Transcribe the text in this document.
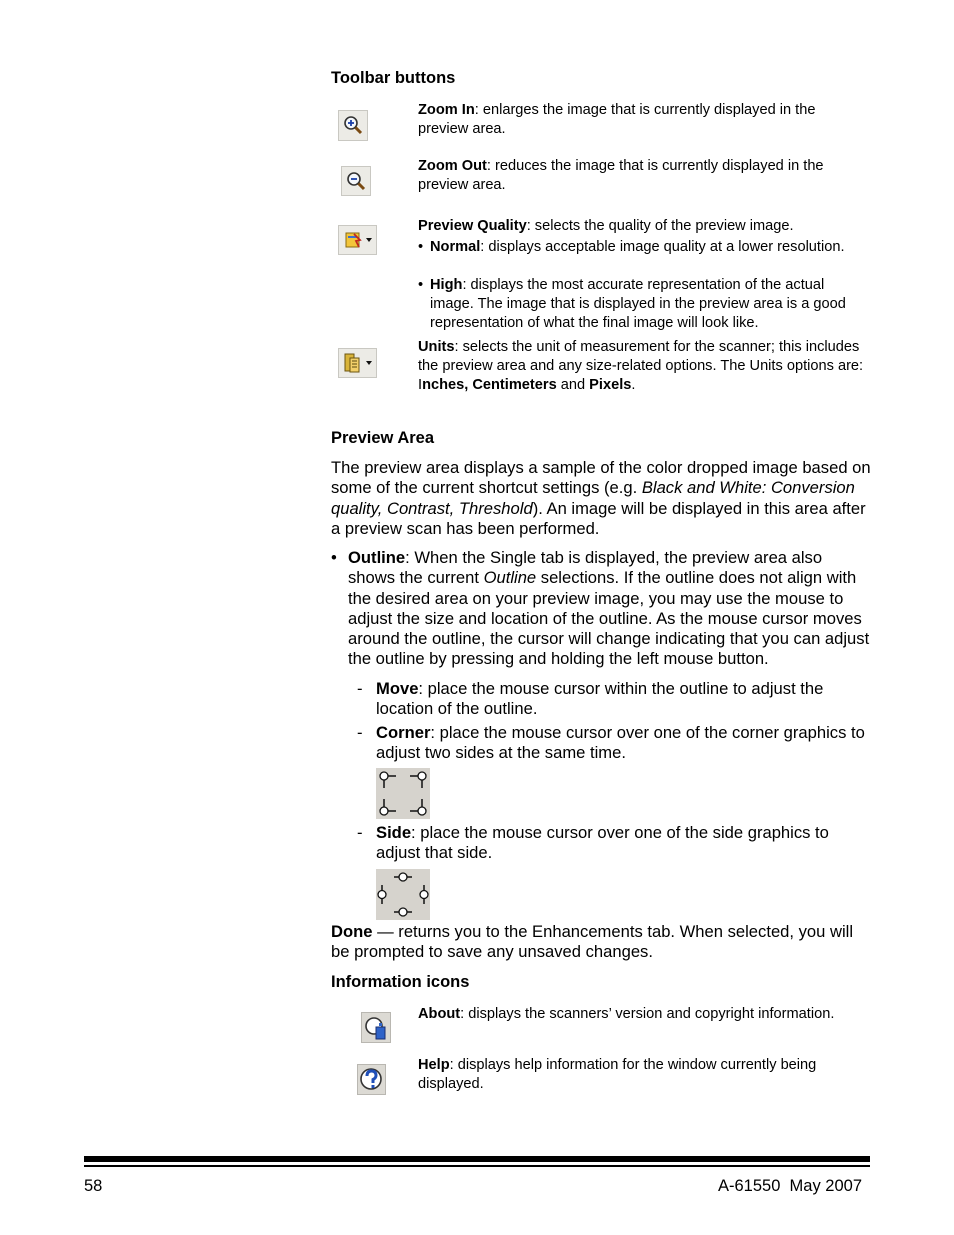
Toolbar buttons
Zoom In: enlarges the image that is currently displayed in the preview area.
Zoom Out: reduces the image that is currently displayed in the preview area.
Preview Quality: selects the quality of the preview image.
• Normal: displays acceptable image quality at a lower resolution.
• High: displays the most accurate representation of the actual image. The image that is displayed in the preview area is a good representation of what the final image will look like.
Units: selects the unit of measurement for the scanner; this includes the preview area and any size-related options. The Units options are: Inches, Centimeters and Pixels.
Preview Area
The preview area displays a sample of the color dropped image based on some of the current shortcut settings (e.g. Black and White: Conversion quality, Contrast, Threshold). An image will be displayed in this area after a preview scan has been performed.
• Outline: When the Single tab is displayed, the preview area also shows the current Outline selections. If the outline does not align with the desired area on your preview image, you may use the mouse to adjust the size and location of the outline. As the mouse cursor moves around the outline, the cursor will change indicating that you can adjust the outline by pressing and holding the left mouse button.
- Move: place the mouse cursor within the outline to adjust the location of the outline.
- Corner: place the mouse cursor over one of the corner graphics to adjust two sides at the same time.
- Side: place the mouse cursor over one of the side graphics to adjust that side.
Done — returns you to the Enhancements tab. When selected, you will be prompted to save any unsaved changes.
Information icons
About: displays the scanners’ version and copyright information.
Help: displays help information for the window currently being displayed.
58	A-61550  May 2007
